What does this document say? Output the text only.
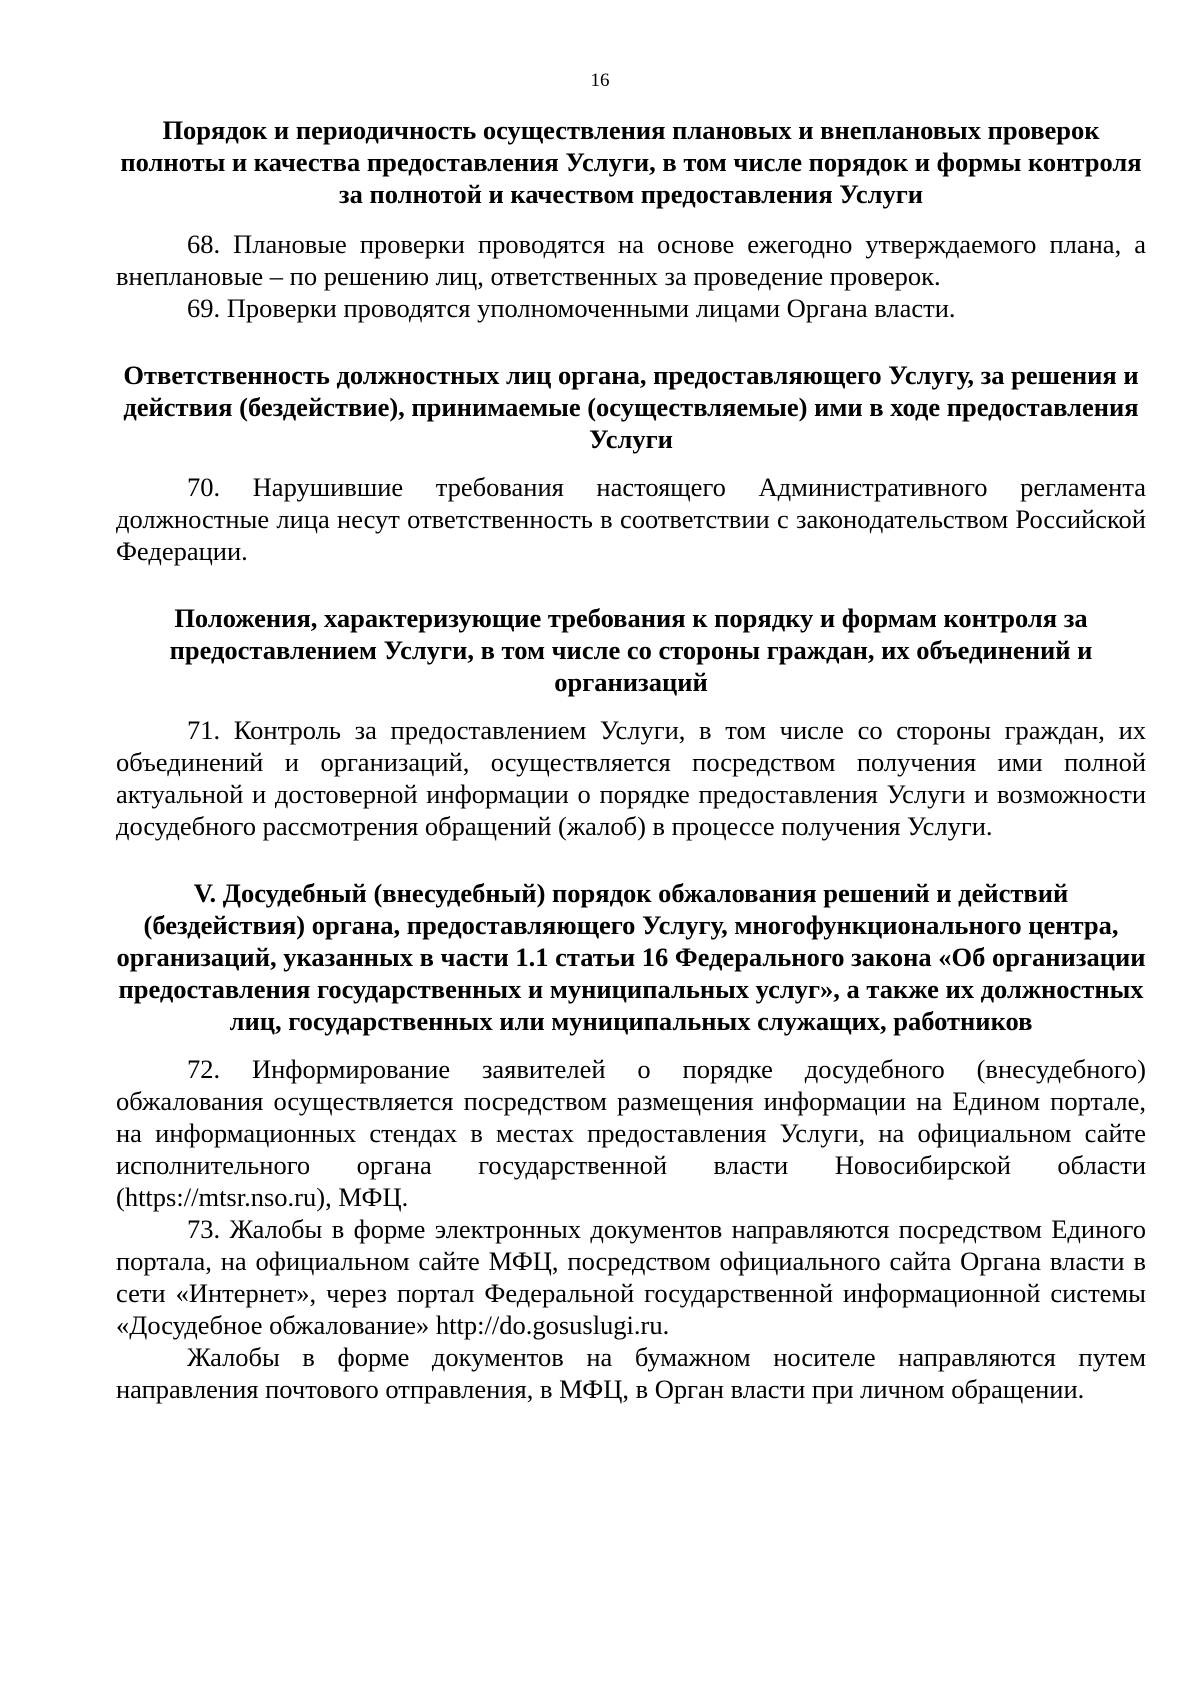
16

Порядок и периодичность осуществления плановых и внеплановых проверок полноты и качества предоставления Услуги, в том числе порядок и формы контроля за полнотой и качеством предоставления Услуги

68. Плановые проверки проводятся на основе ежегодно утверждаемого плана, а внеплановые – по решению лиц, ответственных за проведение проверок.

69. Проверки проводятся уполномоченными лицами Органа власти.

Ответственность должностных лиц органа, предоставляющего Услугу, за решения и действия (бездействие), принимаемые (осуществляемые) ими в ходе предоставления Услуги

70. Нарушившие требования настоящего Административного регламента должностные лица несут ответственность в соответствии с законодательством Российской Федерации.

Положения, характеризующие требования к порядку и формам контроля за предоставлением Услуги, в том числе со стороны граждан, их объединений и организаций

71. Контроль за предоставлением Услуги, в том числе со стороны граждан, их объединений и организаций, осуществляется посредством получения ими полной актуальной и достоверной информации о порядке предоставления Услуги и возможности досудебного рассмотрения обращений (жалоб) в процессе получения Услуги.

V. Досудебный (внесудебный) порядок обжалования решений и действий (бездействия) органа, предоставляющего Услугу, многофункционального центра, организаций, указанных в части 1.1 статьи 16 Федерального закона «Об организации предоставления государственных и муниципальных услуг», а также их должностных лиц, государственных или муниципальных служащих, работников

72. Информирование заявителей о порядке досудебного (внесудебного) обжалования осуществляется посредством размещения информации на Едином портале, на информационных стендах в местах предоставления Услуги, на официальном сайте исполнительного органа государственной власти Новосибирской области (https://mtsr.nso.ru), МФЦ.

73. Жалобы в форме электронных документов направляются посредством Единого портала, на официальном сайте МФЦ, посредством официального сайта Органа власти в сети «Интернет», через портал Федеральной государственной информационной системы «Досудебное обжалование» http://do.gosuslugi.ru.

Жалобы в форме документов на бумажном носителе направляются путем направления почтового отправления, в МФЦ, в Орган власти при личном обращении.
